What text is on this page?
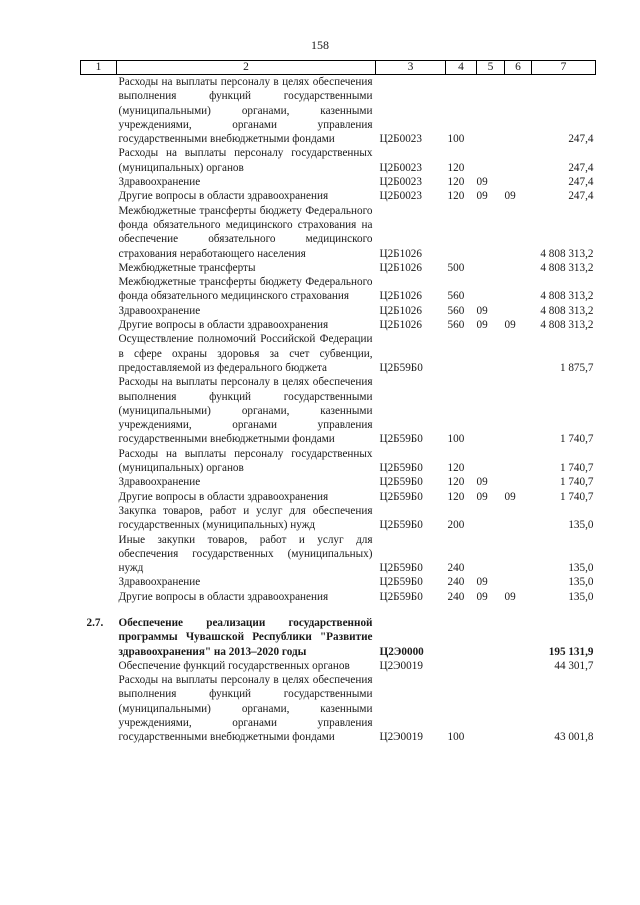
158
1	2	3	4	5	6	7
	Расходы на выплаты персоналу в целях обеспечения выполнения функций государственными (муниципальными) органами, казенными учреждениями, органами управления государственными внебюджетными фондами	Ц2Б0023	100			247,4
	Расходы на выплаты персоналу государственных (муниципальных) органов	Ц2Б0023	120			247,4
	Здравоохранение	Ц2Б0023	120	09		247,4
	Другие вопросы в области здравоохранения	Ц2Б0023	120	09	09	247,4
	Межбюджетные трансферты бюджету Федерального фонда обязательного медицинского страхования на обеспечение обязательного медицинского страхования неработающего населения	Ц2Б1026				4 808 313,2
	Межбюджетные трансферты	Ц2Б1026	500			4 808 313,2
	Межбюджетные трансферты бюджету Федерального фонда обязательного медицинского страхования	Ц2Б1026	560			4 808 313,2
	Здравоохранение	Ц2Б1026	560	09		4 808 313,2
	Другие вопросы в области здравоохранения	Ц2Б1026	560	09	09	4 808 313,2
	Осуществление полномочий Российской Федерации в сфере охраны здоровья за счет субвенции, предоставляемой из федерального бюджета	Ц2Б59Б0				1 875,7
	Расходы на выплаты персоналу в целях обеспечения выполнения функций государственными (муниципальными) органами, казенными учреждениями, органами управления государственными внебюджетными фондами	Ц2Б59Б0	100			1 740,7
	Расходы на выплаты персоналу государственных (муниципальных) органов	Ц2Б59Б0	120			1 740,7
	Здравоохранение	Ц2Б59Б0	120	09		1 740,7
	Другие вопросы в области здравоохранения	Ц2Б59Б0	120	09	09	1 740,7
	Закупка товаров, работ и услуг для обеспечения государственных (муниципальных) нужд	Ц2Б59Б0	200			135,0
	Иные закупки товаров, работ и услуг для обеспечения государственных (муниципальных) нужд	Ц2Б59Б0	240			135,0
	Здравоохранение	Ц2Б59Б0	240	09		135,0
	Другие вопросы в области здравоохранения	Ц2Б59Б0	240	09	09	135,0

2.7.	Обеспечение реализации государственной программы Чувашской Республики "Развитие здравоохранения" на 2013–2020 годы	Ц2Э0000				195 131,9
	Обеспечение функций государственных органов	Ц2Э0019				44 301,7
	Расходы на выплаты персоналу в целях обеспечения выполнения функций государственными (муниципальными) органами, казенными учреждениями, органами управления государственными внебюджетными фондами	Ц2Э0019	100			43 001,8
